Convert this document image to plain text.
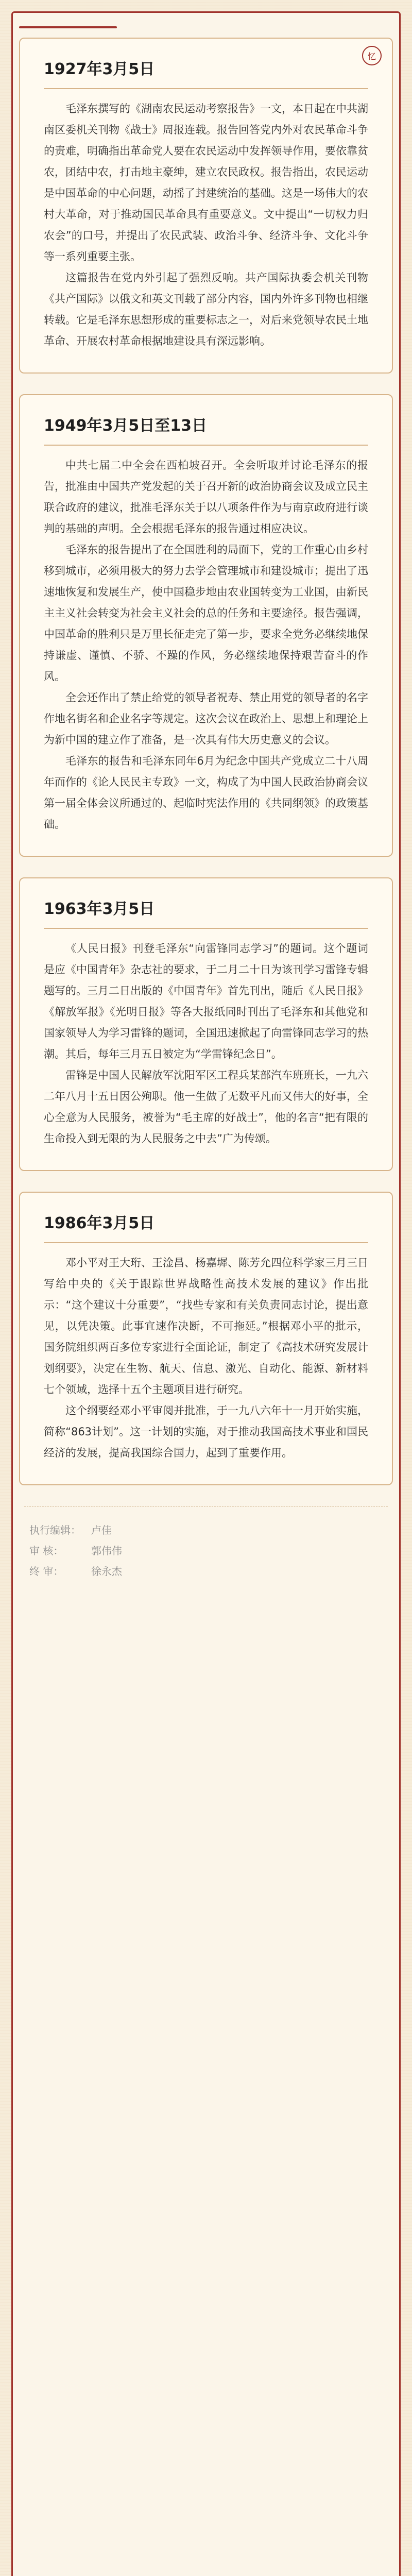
忆
1927年3月5日

毛泽东撰写的《湖南农民运动考察报告》一文，本日起在中共湖南区委机关刊物《战士》周报连载。报告回答党内外对农民革命斗争的责难，明确指出革命党人要在农民运动中发挥领导作用，要依靠贫农，团结中农，打击地主豪绅，建立农民政权。报告指出，农民运动是中国革命的中心问题，动摇了封建统治的基础。这是一场伟大的农村大革命，对于推动国民革命具有重要意义。文中提出“一切权力归农会”的口号，并提出了农民武装、政治斗争、经济斗争、文化斗争等一系列重要主张。

这篇报告在党内外引起了强烈反响。共产国际执委会机关刊物《共产国际》以俄文和英文刊载了部分内容，国内外许多刊物也相继转载。它是毛泽东思想形成的重要标志之一，对后来党领导农民土地革命、开展农村革命根据地建设具有深远影响。

1949年3月5日至13日

中共七届二中全会在西柏坡召开。全会听取并讨论毛泽东的报告，批准由中国共产党发起的关于召开新的政治协商会议及成立民主联合政府的建议，批准毛泽东关于以八项条件作为与南京政府进行谈判的基础的声明。全会根据毛泽东的报告通过相应决议。

毛泽东的报告提出了在全国胜利的局面下，党的工作重心由乡村移到城市，必须用极大的努力去学会管理城市和建设城市；提出了迅速地恢复和发展生产，使中国稳步地由农业国转变为工业国，由新民主主义社会转变为社会主义社会的总的任务和主要途径。报告强调，中国革命的胜利只是万里长征走完了第一步，要求全党务必继续地保持谦虚、谨慎、不骄、不躁的作风，务必继续地保持艰苦奋斗的作风。

全会还作出了禁止给党的领导者祝寿、禁止用党的领导者的名字作地名街名和企业名字等规定。这次会议在政治上、思想上和理论上为新中国的建立作了准备，是一次具有伟大历史意义的会议。

毛泽东的报告和毛泽东同年6月为纪念中国共产党成立二十八周年而作的《论人民民主专政》一文，构成了为中国人民政治协商会议第一届全体会议所通过的、起临时宪法作用的《共同纲领》的政策基础。

1963年3月5日

《人民日报》刊登毛泽东“向雷锋同志学习”的题词。这个题词是应《中国青年》杂志社的要求，于二月二十日为该刊学习雷锋专辑题写的。三月二日出版的《中国青年》首先刊出，随后《人民日报》《解放军报》《光明日报》等各大报纸同时刊出了毛泽东和其他党和国家领导人为学习雷锋的题词，全国迅速掀起了向雷锋同志学习的热潮。其后，每年三月五日被定为“学雷锋纪念日”。

雷锋是中国人民解放军沈阳军区工程兵某部汽车班班长，一九六二年八月十五日因公殉职。他一生做了无数平凡而又伟大的好事，全心全意为人民服务，被誉为“毛主席的好战士”，他的名言“把有限的生命投入到无限的为人民服务之中去”广为传颂。

1986年3月5日

邓小平对王大珩、王淦昌、杨嘉墀、陈芳允四位科学家三月三日写给中央的《关于跟踪世界战略性高技术发展的建议》作出批示：“这个建议十分重要”，“找些专家和有关负责同志讨论，提出意见，以凭决策。此事宜速作决断，不可拖延。”根据邓小平的批示，国务院组织两百多位专家进行全面论证，制定了《高技术研究发展计划纲要》，决定在生物、航天、信息、激光、自动化、能源、新材料七个领域，选择十五个主题项目进行研究。

这个纲要经邓小平审阅并批准，于一九八六年十一月开始实施，简称“863计划”。这一计划的实施，对于推动我国高技术事业和国民经济的发展，提高我国综合国力，起到了重要作用。

执行编辑：	卢佳
审 核：	郭伟伟
终 审：	徐永杰
